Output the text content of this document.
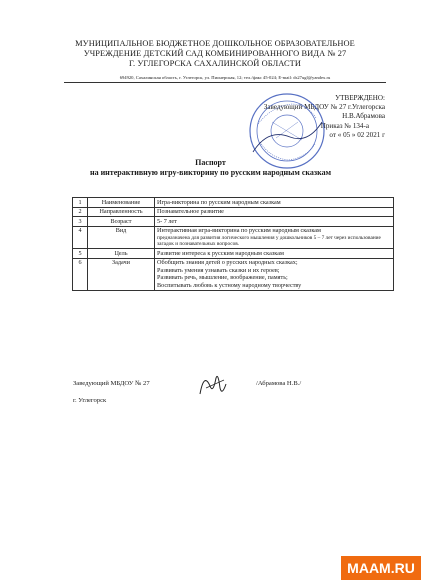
МУНИЦИПАЛЬНОЕ БЮДЖЕТНОЕ ДОШКОЛЬНОЕ ОБРАЗОВАТЕЛЬНОЕ
УЧРЕЖДЕНИЕ ДЕТСКИЙ САД КОМБИНИРОВАННОГО ВИДА № 27
Г. УГЛЕГОРСКА САХАЛИНСКОЙ ОБЛАСТИ
694920, Сахалинская область, г. Углегорск, ул. Пионерская, 12; тел./факс 45-024; E-mail: ds27ugl@yandex.ru
УТВЕРЖДЕНО:
Заведующий МБДОУ № 27 г.Углегорска
Н.В.Абрамова
Приказ № 134-а
от « 05 » 02 2021 г
Паспорт
на интерактивную игру-викторину по русским народным сказкам
1	Наименование	Игра-викторина по русским народным сказкам
2	Направленность	Познавательное развитие
3	Возраст	5- 7 лет
4	Вид	Интерактивная игра-викторина по русским народным сказкам
предназначена для развития логического мышления у дошкольников 5 – 7 лет через использование загадок и познавательных вопросов.

5	Цель	Развитие интереса к русским народным сказкам
6	Задачи	Обобщить знания детей о русских народных сказках;
Развивать умения узнавать сказки и их героев;
Развивать речь, мышление, воображение, память;
Воспитывать любовь к устному народному творчеству
Заведующий МБДОУ № 27	/Абрамова Н.В./
г. Углегорск
MAAM.RU
